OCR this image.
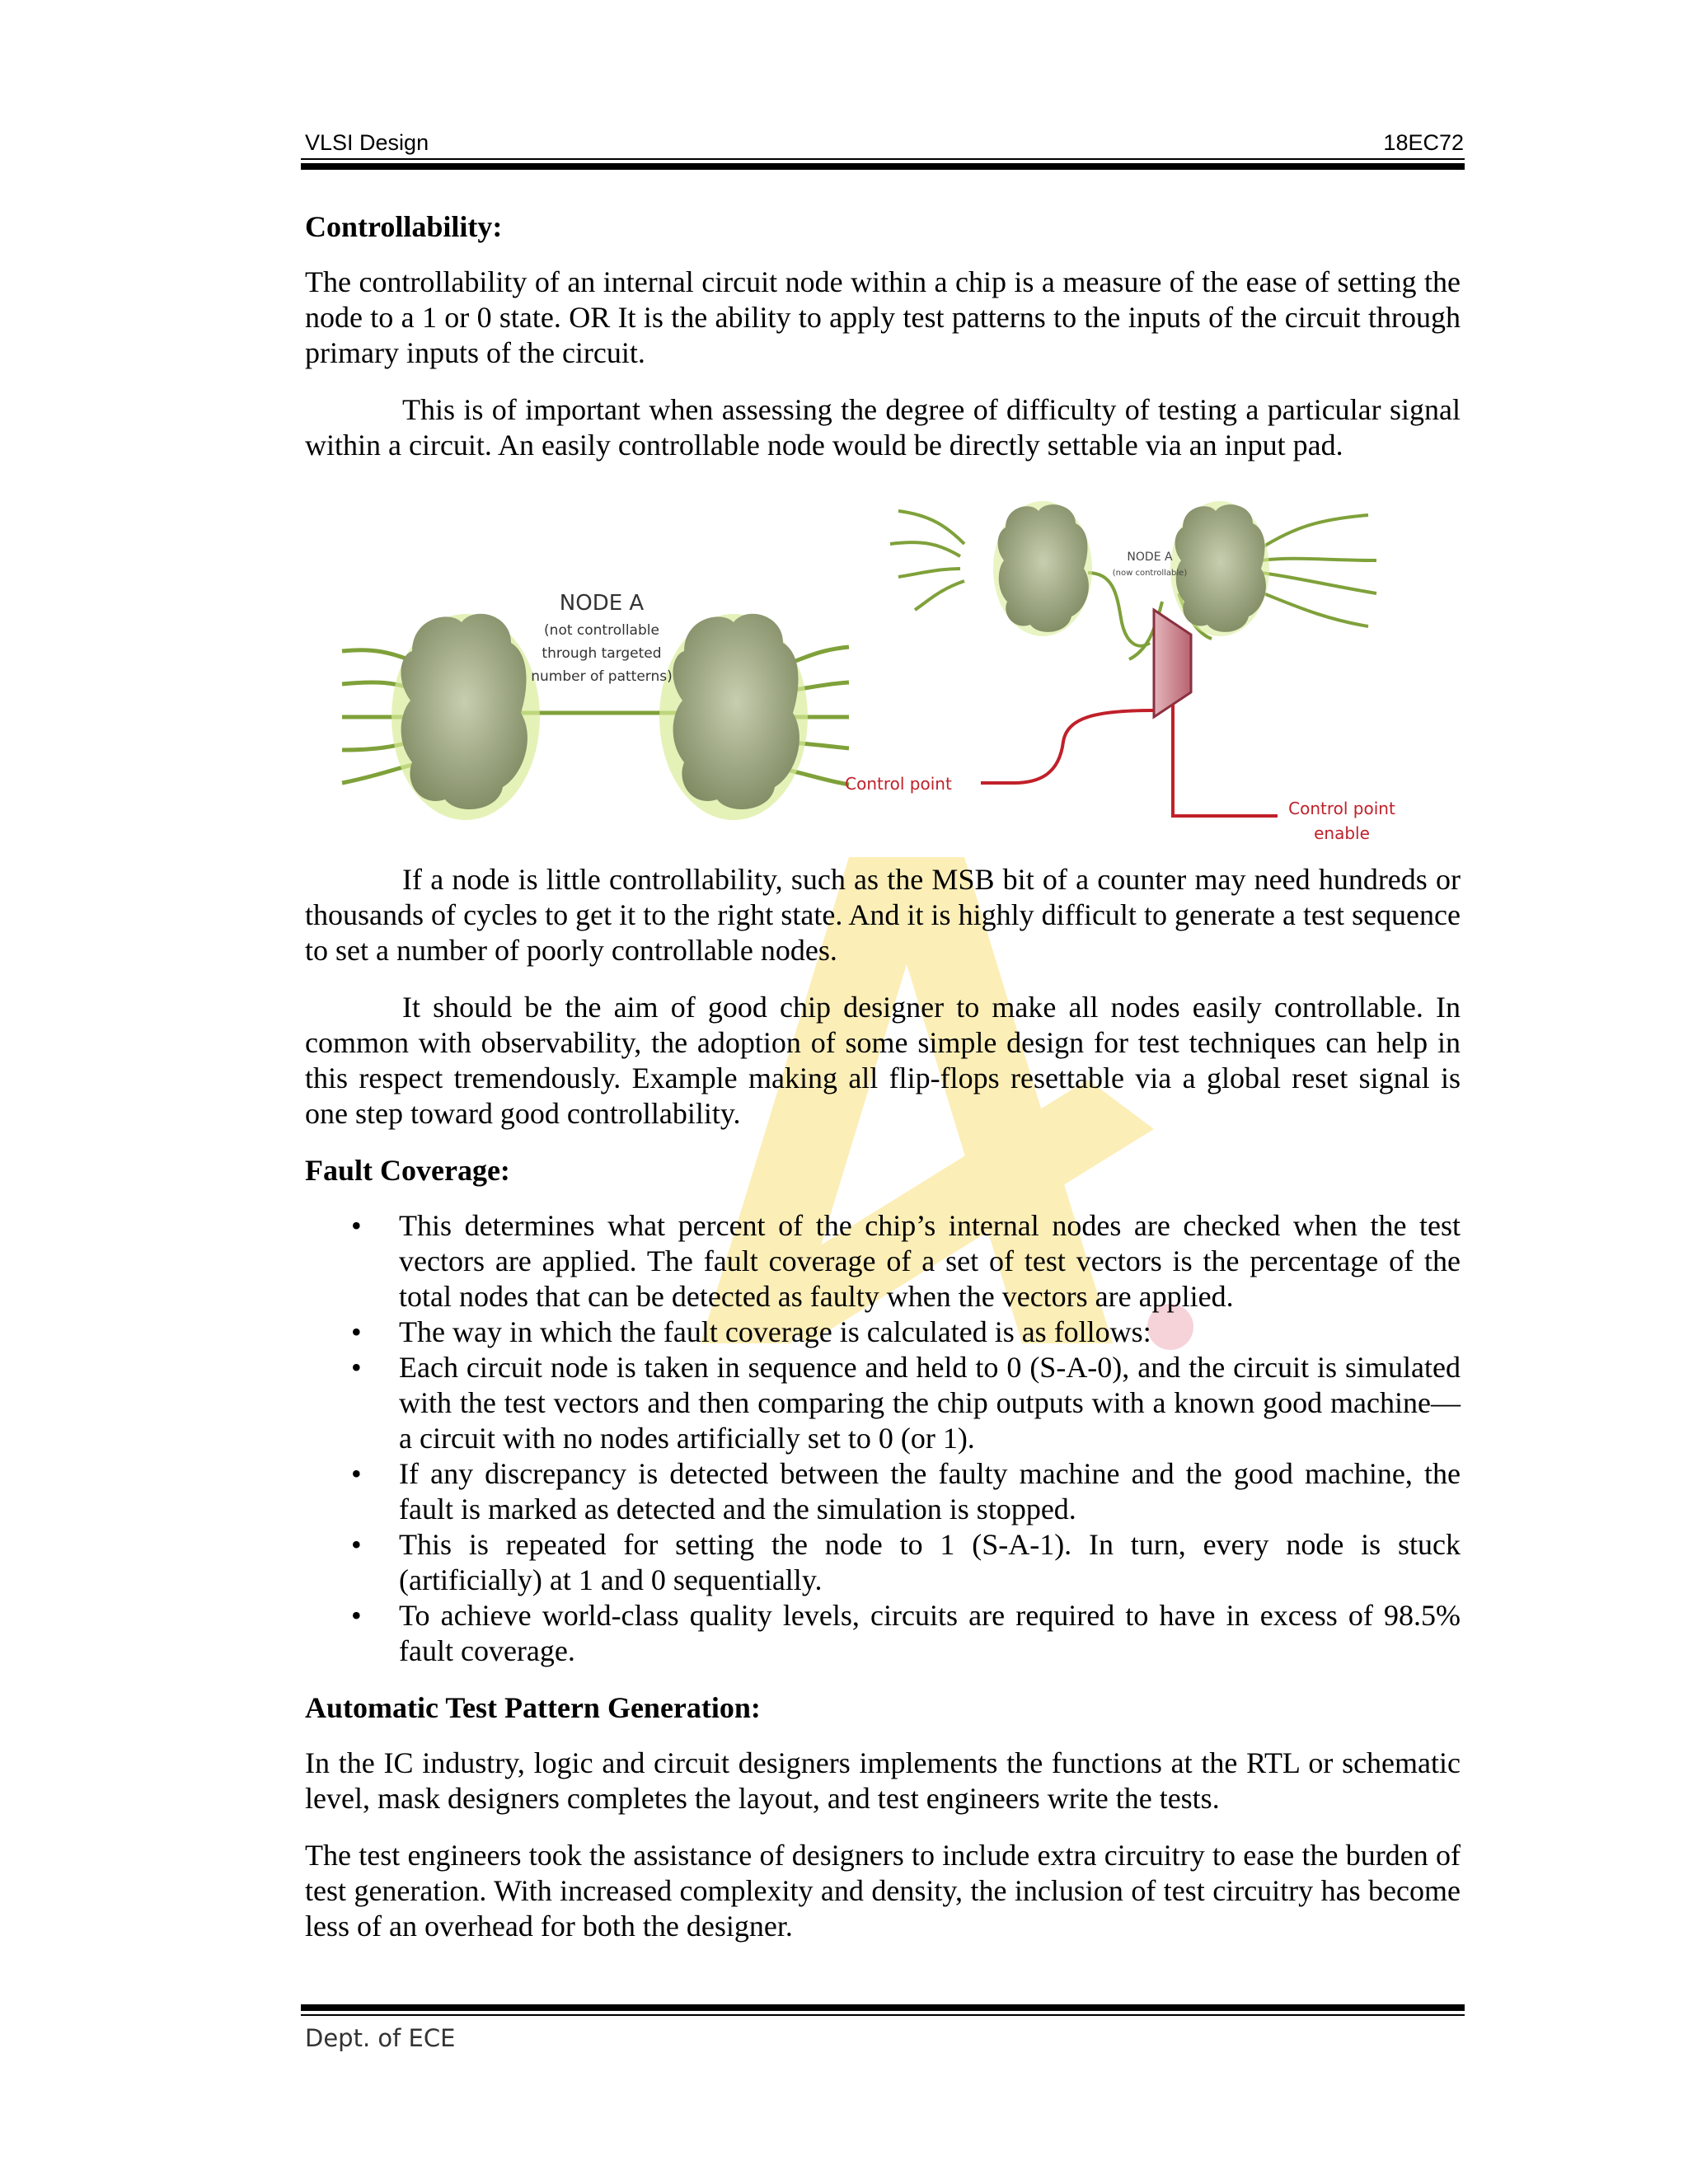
VLSI Design	18EC72

Controllability:

The controllability of an internal circuit node within a chip is a measure of the ease of setting the node to a 1 or 0 state. OR It is the ability to apply test patterns to the inputs of the circuit through primary inputs of the circuit.

This is of important when assessing the degree of difficulty of testing a particular signal within a circuit. An easily controllable node would be directly settable via an input pad.

NODE A
(not controllable
through targeted
number of patterns)
NODE A
(now controllable)
Control point
Control point
enable

If a node is little controllability, such as the MSB bit of a counter may need hundreds or thousands of cycles to get it to the right state. And it is highly difficult to generate a test sequence to set a number of poorly controllable nodes.

It should be the aim of good chip designer to make all nodes easily controllable. In common with observability, the adoption of some simple design for test techniques can help in this respect tremendously. Example making all flip-flops resettable via a global reset signal is one step toward good controllability.

Fault Coverage:

• This determines what percent of the chip’s internal nodes are checked when the test vectors are applied. The fault coverage of a set of test vectors is the percentage of the total nodes that can be detected as faulty when the vectors are applied.
• The way in which the fault coverage is calculated is as follows:
• Each circuit node is taken in sequence and held to 0 (S-A-0), and the circuit is simulated with the test vectors and then comparing the chip outputs with a known good machine—a circuit with no nodes artificially set to 0 (or 1).
• If any discrepancy is detected between the faulty machine and the good machine, the fault is marked as detected and the simulation is stopped.
• This is repeated for setting the node to 1 (S-A-1). In turn, every node is stuck (artificially) at 1 and 0 sequentially.
• To achieve world-class quality levels, circuits are required to have in excess of 98.5% fault coverage.

Automatic Test Pattern Generation:

In the IC industry, logic and circuit designers implements the functions at the RTL or schematic level, mask designers completes the layout, and test engineers write the tests.

The test engineers took the assistance of designers to include extra circuitry to ease the burden of test generation. With increased complexity and density, the inclusion of test circuitry has become less of an overhead for both the designer.

Dept. of ECE
